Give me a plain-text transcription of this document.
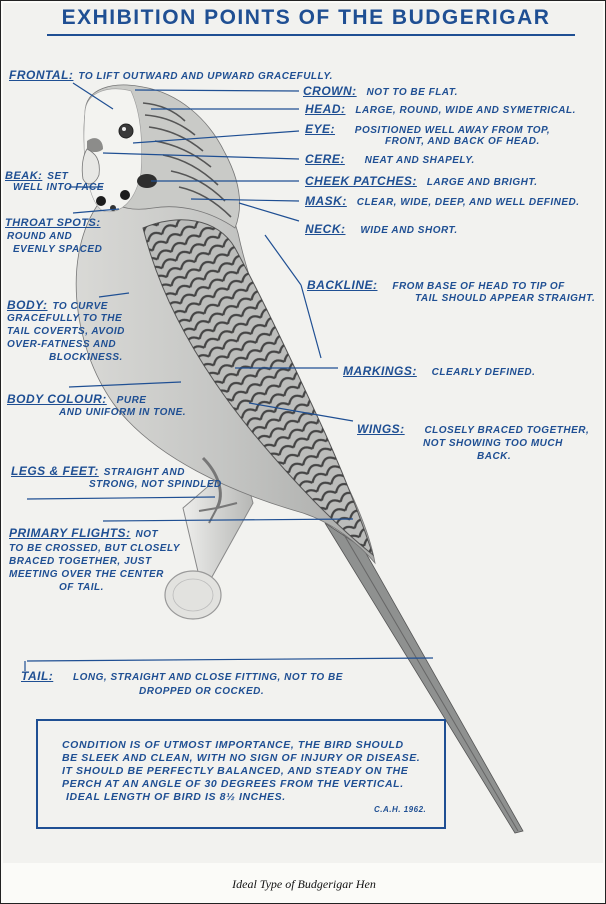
EXHIBITION POINTS OF THE BUDGERIGAR
FRONTAL: TO LIFT OUTWARD AND UPWARD GRACEFULLY.
CROWN: NOT TO BE FLAT.
HEAD: LARGE, ROUND, WIDE AND SYMETRICAL.
EYE: POSITIONED WELL AWAY FROM TOP,
FRONT, AND BACK OF HEAD.
CERE: NEAT AND SHAPELY.
CHEEK PATCHES: LARGE AND BRIGHT.
MASK: CLEAR, WIDE, DEEP, AND WELL DEFINED.
NECK: WIDE AND SHORT.
BEAK: SET
WELL INTO FACE
THROAT SPOTS:
ROUND AND
EVENLY SPACED
BACKLINE: FROM BASE OF HEAD TO TIP OF
TAIL SHOULD APPEAR STRAIGHT.
BODY: TO CURVE
GRACEFULLY TO THE
TAIL COVERTS, AVOID
OVER-FATNESS AND
BLOCKINESS.
MARKINGS: CLEARLY DEFINED.
BODY COLOUR: PURE
AND UNIFORM IN TONE.
WINGS: CLOSELY BRACED TOGETHER,
NOT SHOWING TOO MUCH
BACK.
LEGS & FEET: STRAIGHT AND
STRONG, NOT SPINDLED
PRIMARY FLIGHTS: NOT
TO BE CROSSED, BUT CLOSELY
BRACED TOGETHER, JUST
MEETING OVER THE CENTER
OF TAIL.
TAIL: LONG, STRAIGHT AND CLOSE FITTING, NOT TO BE
DROPPED OR COCKED.
CONDITION IS OF UTMOST IMPORTANCE, THE BIRD SHOULD
BE SLEEK AND CLEAN, WITH NO SIGN OF INJURY OR DISEASE.
IT SHOULD BE PERFECTLY BALANCED, AND STEADY ON THE
PERCH AT AN ANGLE OF 30 DEGREES FROM THE VERTICAL.
IDEAL LENGTH OF BIRD IS 8½ INCHES.
C.A.H. 1962.
Ideal Type of Budgerigar Hen
